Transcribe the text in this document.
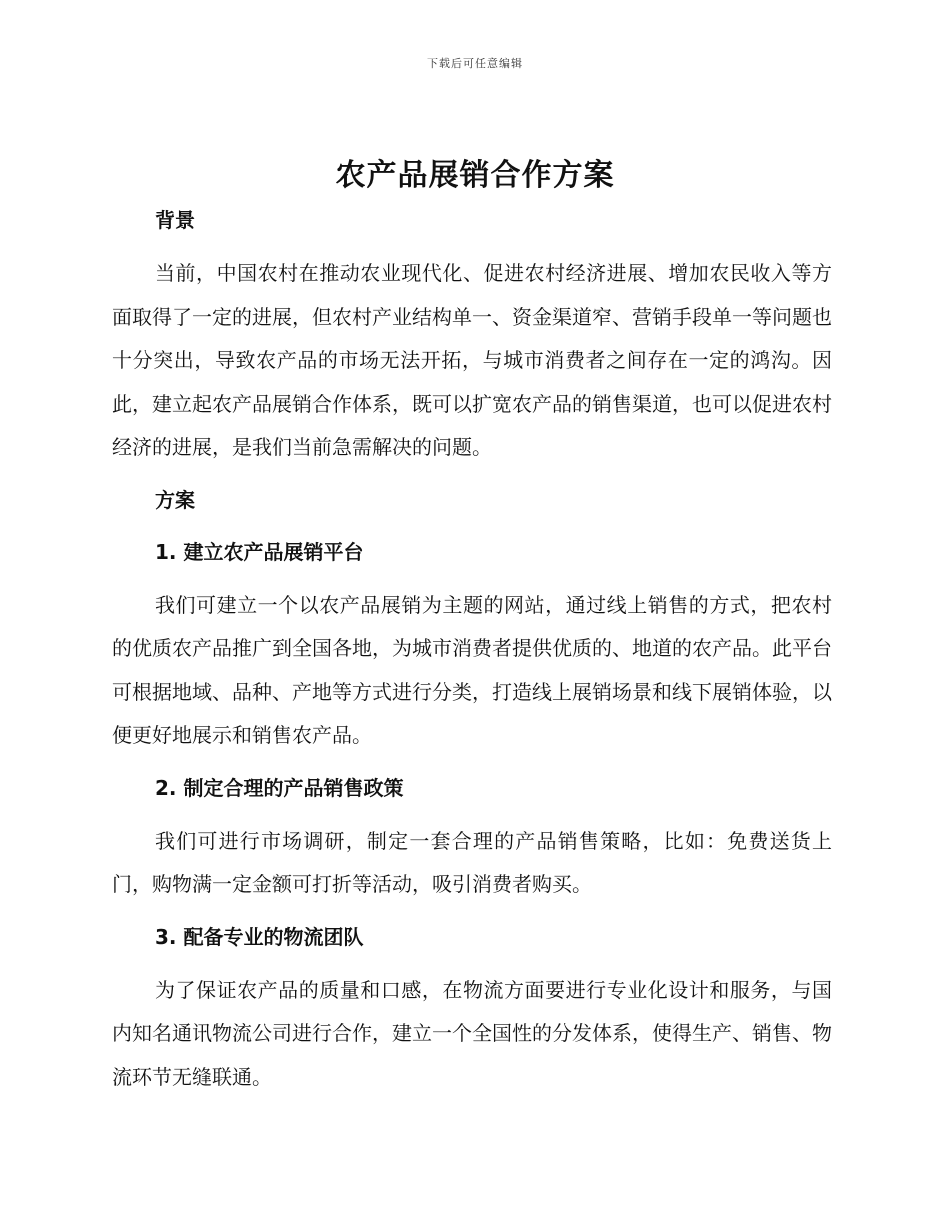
下载后可任意编辑
农产品展销合作方案

背景

当前，中国农村在推动农业现代化、促进农村经济进展、增加农民收入等方面取得了一定的进展，但农村产业结构单一、资金渠道窄、营销手段单一等问题也十分突出，导致农产品的市场无法开拓，与城市消费者之间存在一定的鸿沟。因此，建立起农产品展销合作体系，既可以扩宽农产品的销售渠道，也可以促进农村经济的进展，是我们当前急需解决的问题。

方案

1. 建立农产品展销平台

我们可建立一个以农产品展销为主题的网站，通过线上销售的方式，把农村的优质农产品推广到全国各地，为城市消费者提供优质的、地道的农产品。此平台可根据地域、品种、产地等方式进行分类，打造线上展销场景和线下展销体验，以便更好地展示和销售农产品。

2. 制定合理的产品销售政策

我们可进行市场调研，制定一套合理的产品销售策略，比如：免费送货上门，购物满一定金额可打折等活动，吸引消费者购买。

3. 配备专业的物流团队

为了保证农产品的质量和口感，在物流方面要进行专业化设计和服务，与国内知名通讯物流公司进行合作，建立一个全国性的分发体系，使得生产、销售、物流环节无缝联通。
